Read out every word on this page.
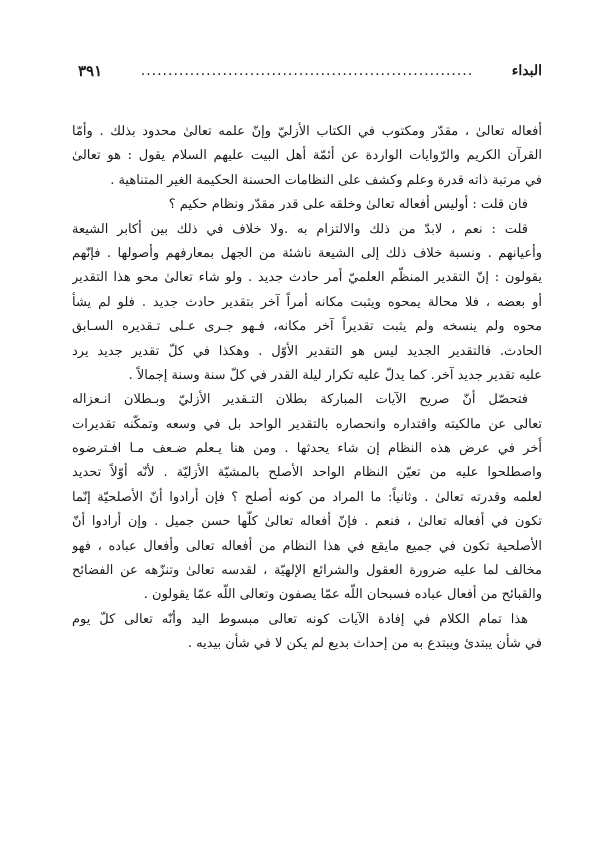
البداء
.............................................................
٣٩١
أفعاله تعالىٰ ، مقدّر ومكتوب في الكتاب الأزليّ وإنّ علمه تعالىٰ محدود بذلك . وأمّا
القرآن الكريم والرّوايات الواردة عن أئمّة أهل البيت عليهم السلام يقول : هو تعالىٰ
في مرتبة ذاته قدرة وعلم وكشف على النظامات الحسنة الحكيمة الغير المتناهية .
فان قلت : أوليس أفعاله تعالىٰ وخلقه على قدر مقدّر ونظام حكيم ؟
قلت : نعم ، لابدّ من ذلك والالتزام به .ولا خلاف في ذلك بين أكابر الشيعة
وأعيانهم . ونسبة خلاف ذلك إلى الشيعة ناشئة من الجهل بمعارفهم وأصولها . فإنّهم
يقولون : إنّ التقدير المنظّم العلميّ أمر حادث جديد . ولو شاء تعالىٰ محو هذا التقدير
أو بعضه ، فلا محالة يمحوه ويثبت مكانه أمراً آخر بتقدير حادث جديد . فلو لم يشأ
محوه ولم ينسخه ولم يثبت تقديراً آخر مكانه، فـهو جـرى عـلى تـقديره السـابق
الحادث. فالتقدير الجديد ليس هو التقدير الأوّل . وهكذا في كلّ تقدير جديد يرد
عليه تقدير جديد آخر. كما يدلّ عليه تكرار ليلة القدر في كلّ سنة وسنة إجمالاً .
فتحصّل أنّ صريح الآيات المباركة بطلان التـقدير الأزليّ وبـطلان انـعزاله
تعالى عن مالكيته واقتداره وانحصاره بالتقدير الواحد بل في وسعه وتمكّنه تقديرات
أُخر في عرض هذه النظام إن شاء يحدثها . ومن هنا يـعلم ضـعف مـا افـترضوه
واصطلحوا عليه من تعيّن النظام الواحد الأصلح بالمشيّة الأزليّة . لأنّه أوّلاً تحديد
لعلمه وقدرته تعالىٰ . وثانياً: ما المراد من كونه أصلح ؟ فإن أرادوا أنّ الأصلحيّة إنّما
تكون في أفعاله تعالىٰ ، فنعم . فإنّ أفعاله تعالىٰ كلّها حسن جميل . وإن أرادوا أنّ
الأصلحية تكون في جميع مايقع في هذا النظام من أفعاله تعالى وأفعال عباده ، فهو
مخالف لما عليه ضرورة العقول والشرائع الإلهيّة ، لقدسه تعالىٰ وتنزّهه عن الفضائح
والقبائح من أفعال عباده فسبحان اللّه عمّا يصفون وتعالى اللّه عمّا يقولون .
هذا تمام الكلام في إفادة الآيات كونه تعالى مبسوط اليد وأنّه تعالى كلّ يوم
في شأن يبتدئ ويبتدع به من إحداث بديع لم يكن لا في شأن بيديه .
